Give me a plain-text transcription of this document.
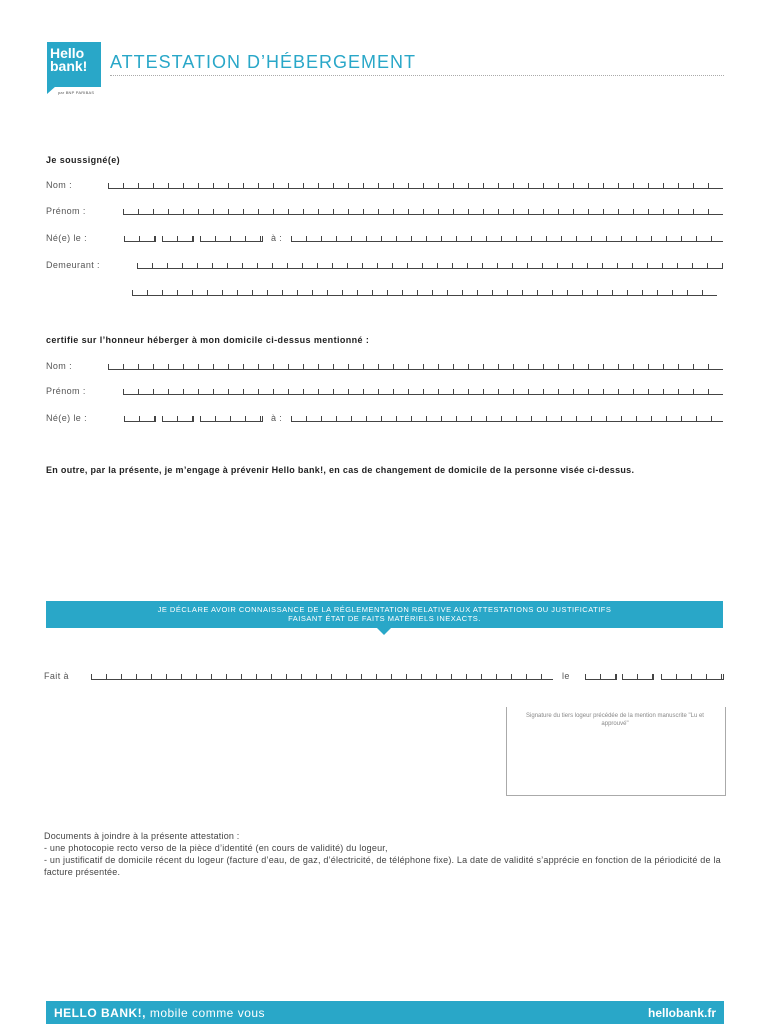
Hello
bank!
par BNP PARIBAS
ATTESTATION D’HÉBERGEMENT
Je soussigné(e)
Nom :
Prénom :
Né(e) le :	à :
Demeurant :
certifie sur l’honneur héberger à mon domicile ci-dessus mentionné :
Nom :
Prénom :
Né(e) le :	à :
En outre, par la présente, je m’engage à prévenir Hello bank!, en cas de changement de domicile de la personne visée ci-dessus.
JE DÉCLARE AVOIR CONNAISSANCE DE LA RÉGLEMENTATION RELATIVE AUX ATTESTATIONS OU JUSTIFICATIFS
FAISANT ÉTAT DE FAITS MATÉRIELS INEXACTS.
Fait à	le
Signature du tiers logeur précédée de la mention manuscrite "Lu et approuvé"
Documents à joindre à la présente attestation :
- une photocopie recto verso de la pièce d’identité (en cours de validité) du logeur,
- un justificatif de domicile récent du logeur (facture d’eau, de gaz, d’électricité, de téléphone fixe). La date de validité s’apprécie en fonction de la périodicité de la facture présentée.
HELLO BANK!, mobile comme vous	hellobank.fr
